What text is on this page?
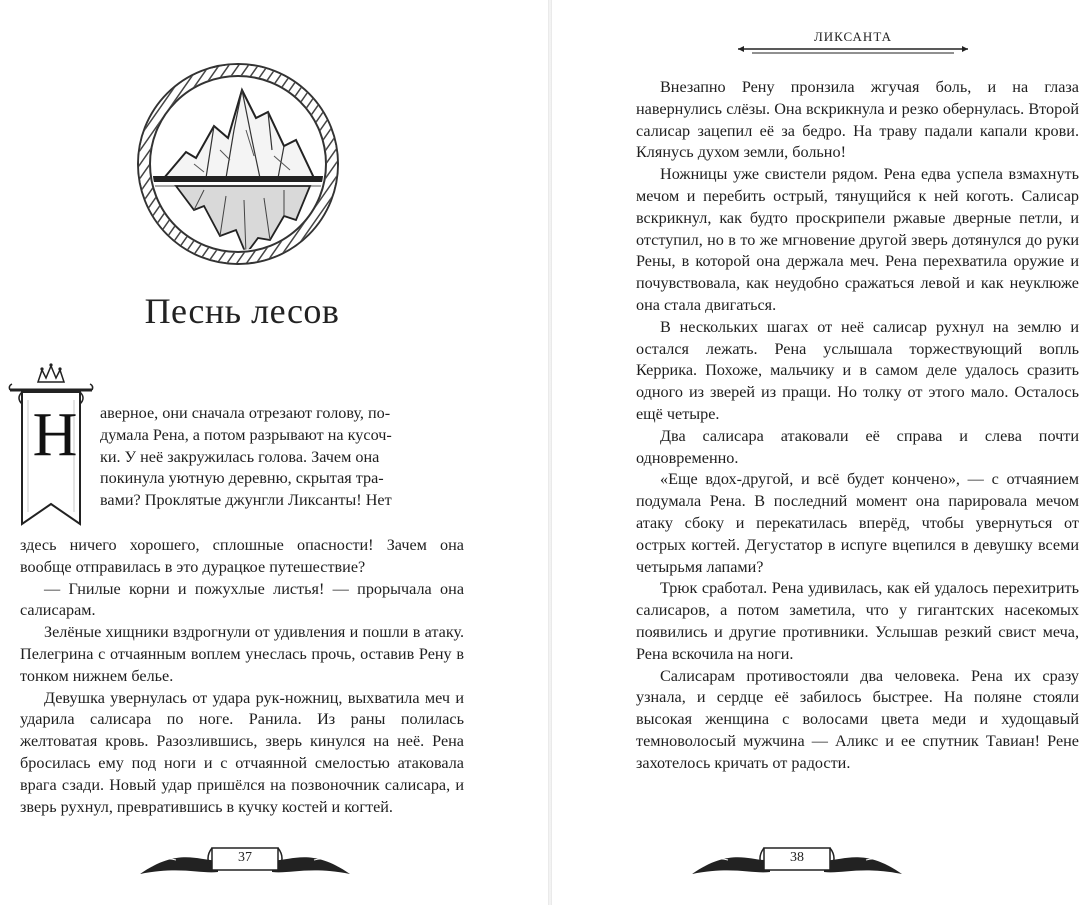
Песнь лесов
Н	аверное, они сначала отрезают голову, по-
думала Рена, а потом разрывают на кусоч-
ки. У неё закружилась голова. Зачем она
покинула уютную деревню, скрытая тра-
вами? Проклятые джунгли Ликсанты! Нет

здесь ничего хорошего, сплошные опасности! Зачем она вообще отправилась в это дурацкое путешествие?

— Гнилые корни и пожухлые листья! — прорычала она салисарам.

Зелёные хищники вздрогнули от удивления и пошли в атаку. Пелегрина с отчаянным воплем унеслась прочь, оставив Рену в тонком нижнем белье.

Девушка увернулась от удара рук-ножниц, выхватила меч и ударила салисара по ноге. Ранила. Из раны полилась желтоватая кровь. Разозлившись, зверь кинулся на неё. Рена бросилась ему под ноги и с отчаянной смелостью атаковала врага сзади. Новый удар пришёлся на позвоночник салисара, и зверь рухнул, превратившись в кучку костей и когтей.

37
ЛИКСАНТА

Внезапно Рену пронзила жгучая боль, и на глаза навернулись слёзы. Она вскрикнула и резко обернулась. Второй салисар зацепил её за бедро. На траву падали капали крови. Клянусь духом земли, больно!

Ножницы уже свистели рядом. Рена едва успела взмахнуть мечом и перебить острый, тянущийся к ней коготь. Салисар вскрикнул, как будто проскрипели ржавые дверные петли, и отступил, но в то же мгновение другой зверь дотянулся до руки Рены, в которой она держала меч. Рена перехватила оружие и почувствовала, как неудобно сражаться левой и как неуклюже она стала двигаться.

В нескольких шагах от неё салисар рухнул на землю и остался лежать. Рена услышала торжествующий вопль Керрика. Похоже, мальчику и в самом деле удалось сразить одного из зверей из пращи. Но толку от этого мало. Осталось ещё четыре.

Два салисара атаковали её справа и слева почти одновременно.

«Еще вдох-другой, и всё будет кончено», — с отчаянием подумала Рена. В последний момент она парировала мечом атаку сбоку и перекатилась вперёд, чтобы увернуться от острых когтей. Дегустатор в испуге вцепился в девушку всеми четырьмя лапами?

Трюк сработал. Рена удивилась, как ей удалось перехитрить салисаров, а потом заметила, что у гигантских насекомых появились и другие противники. Услышав резкий свист меча, Рена вскочила на ноги.

Салисарам противостояли два человека. Рена их сразу узнала, и сердце её забилось быстрее. На поляне стояли высокая женщина с волосами цвета меди и худощавый темноволосый мужчина — Аликс и ее спутник Тавиан! Рене захотелось кричать от радости.

38
